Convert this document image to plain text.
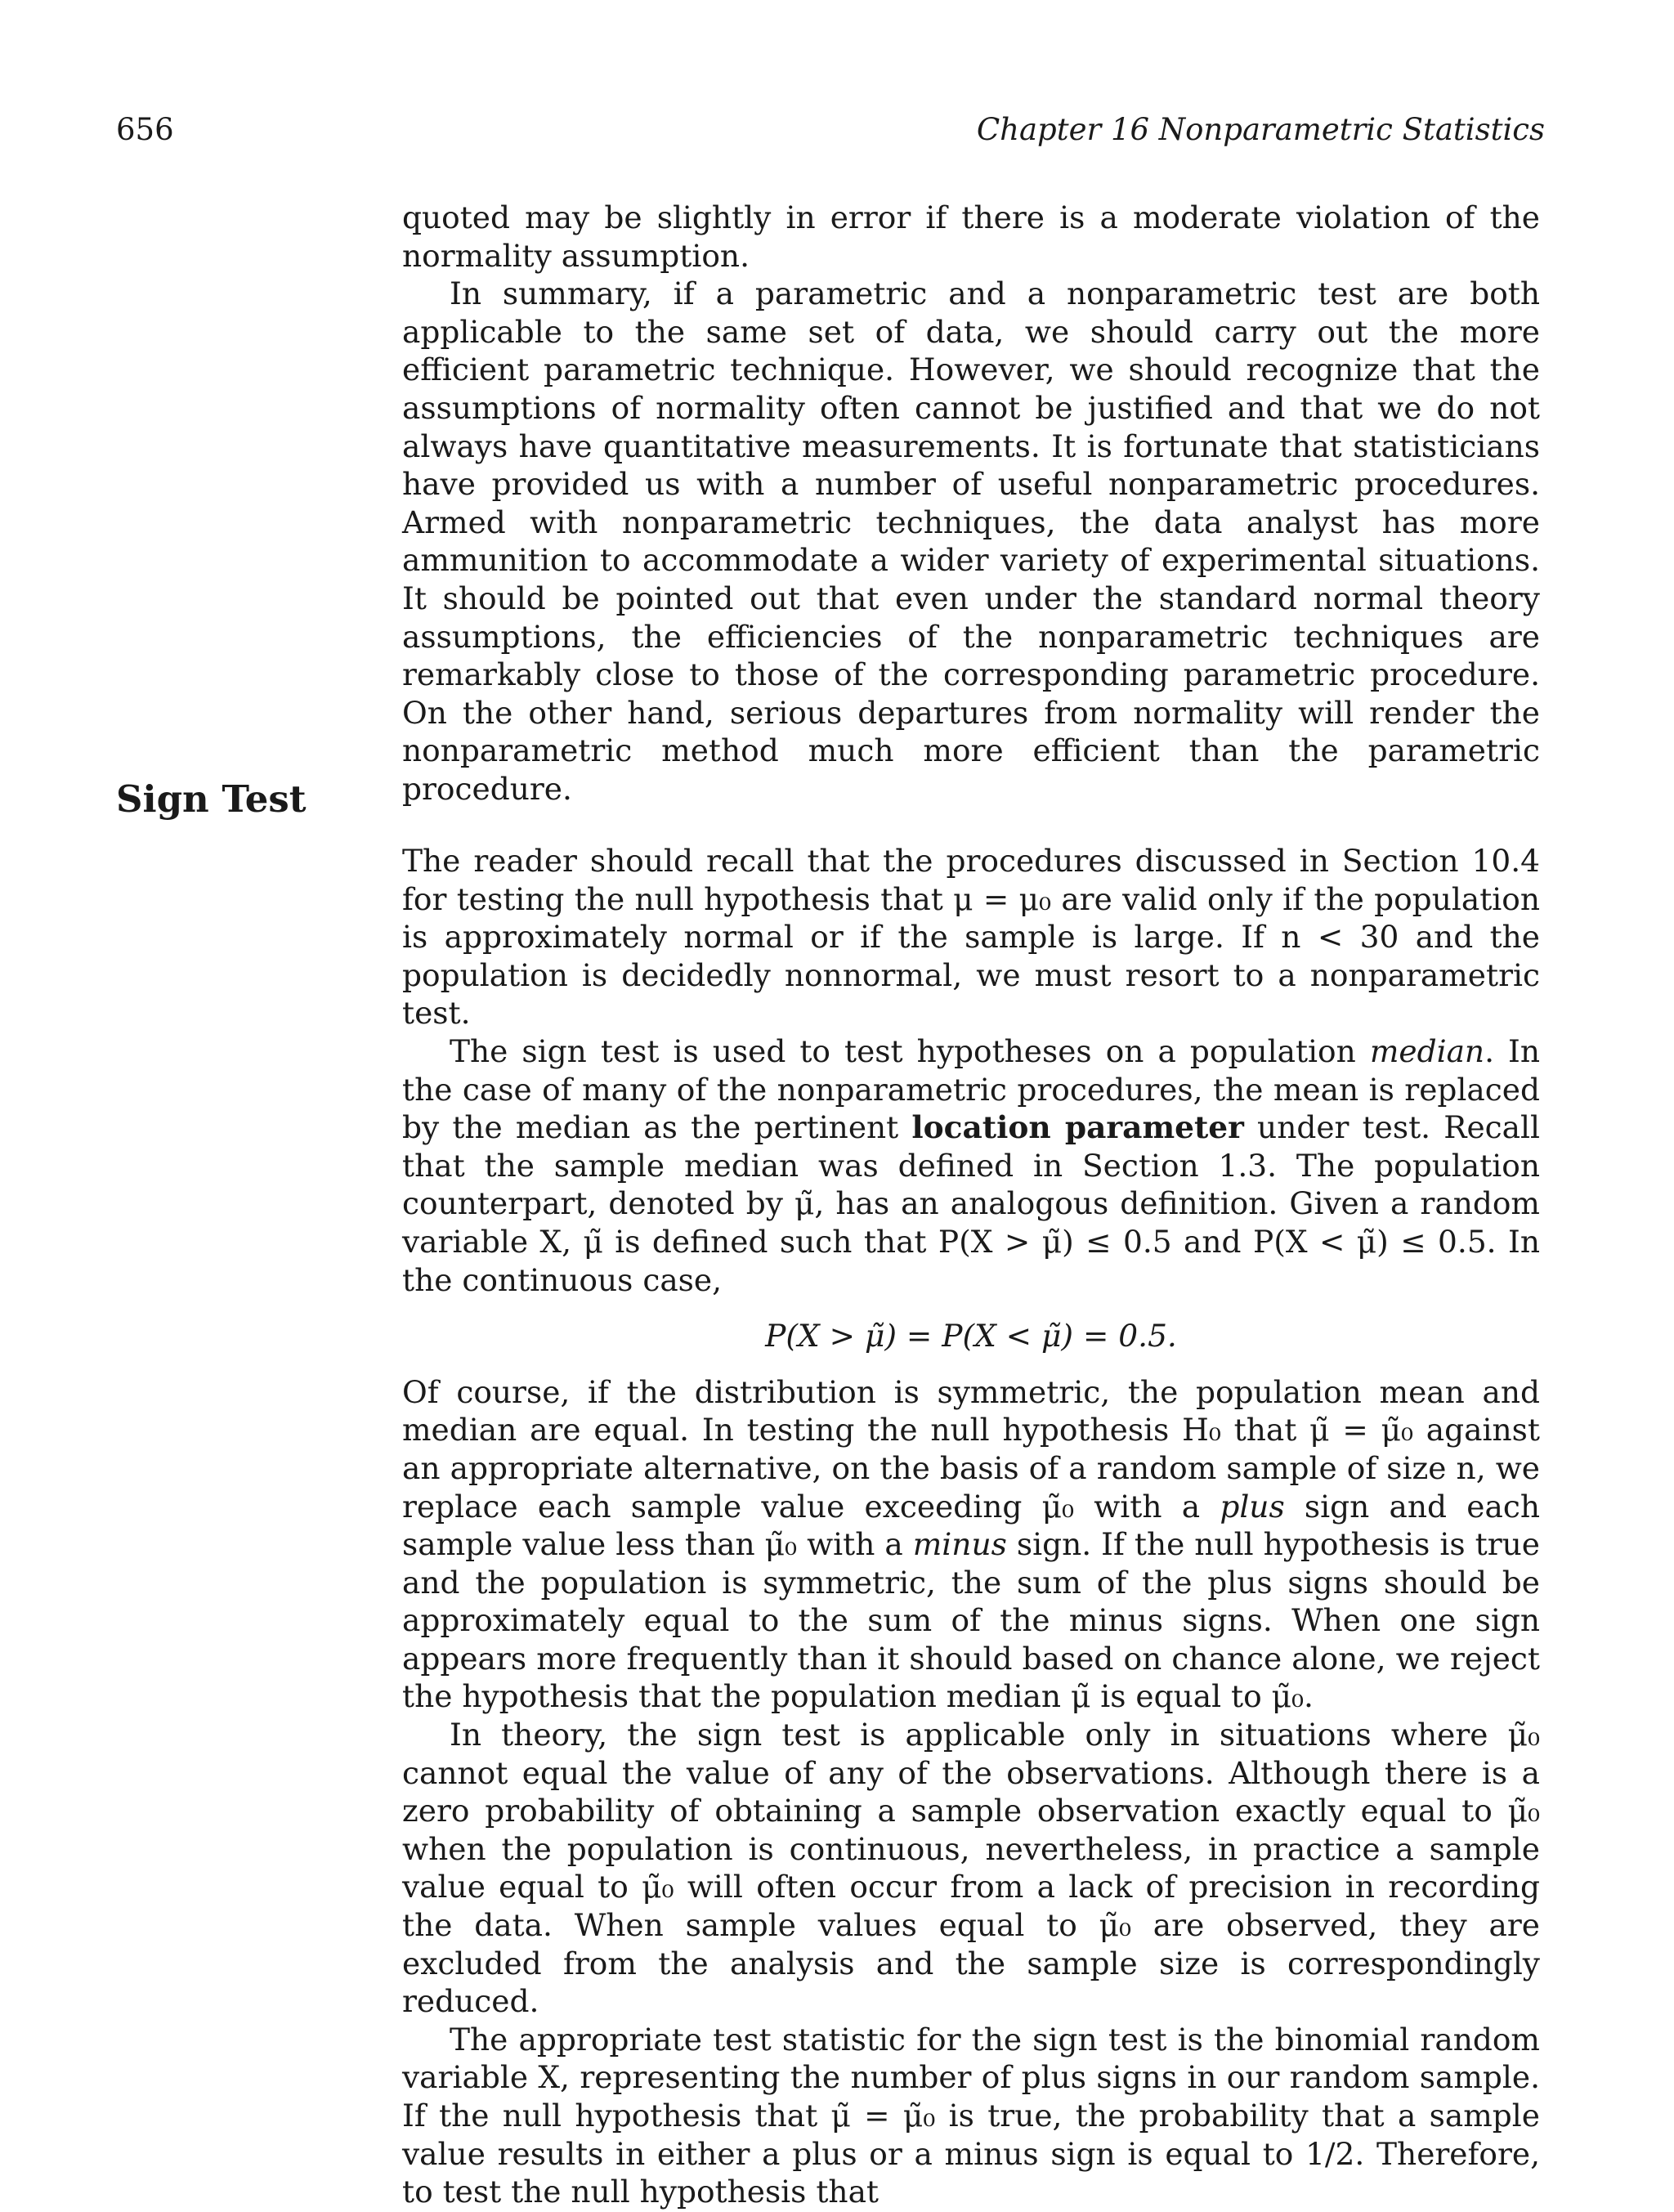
656	Chapter 16 Nonparametric Statistics

quoted may be slightly in error if there is a moderate violation of the normality assumption.

In summary, if a parametric and a nonparametric test are both applicable to the same set of data, we should carry out the more efficient parametric technique. However, we should recognize that the assumptions of normality often cannot be justified and that we do not always have quantitative measurements. It is fortunate that statisticians have provided us with a number of useful nonparametric procedures. Armed with nonparametric techniques, the data analyst has more ammunition to accommodate a wider variety of experimental situations. It should be pointed out that even under the standard normal theory assumptions, the efficiencies of the nonparametric techniques are remarkably close to those of the corresponding parametric procedure. On the other hand, serious departures from normality will render the nonparametric method much more efficient than the parametric procedure.

Sign Test

The reader should recall that the procedures discussed in Section 10.4 for testing the null hypothesis that μ = μ₀ are valid only if the population is approximately normal or if the sample is large. If n < 30 and the population is decidedly nonnormal, we must resort to a nonparametric test.

The sign test is used to test hypotheses on a population median. In the case of many of the nonparametric procedures, the mean is replaced by the median as the pertinent location parameter under test. Recall that the sample median was defined in Section 1.3. The population counterpart, denoted by μ̃, has an analogous definition. Given a random variable X, μ̃ is defined such that P(X > μ̃) ≤ 0.5 and P(X < μ̃) ≤ 0.5. In the continuous case,

P(X > μ̃) = P(X < μ̃) = 0.5.

Of course, if the distribution is symmetric, the population mean and median are equal. In testing the null hypothesis H₀ that μ̃ = μ̃₀ against an appropriate alternative, on the basis of a random sample of size n, we replace each sample value exceeding μ̃₀ with a plus sign and each sample value less than μ̃₀ with a minus sign. If the null hypothesis is true and the population is symmetric, the sum of the plus signs should be approximately equal to the sum of the minus signs. When one sign appears more frequently than it should based on chance alone, we reject the hypothesis that the population median μ̃ is equal to μ̃₀.

In theory, the sign test is applicable only in situations where μ̃₀ cannot equal the value of any of the observations. Although there is a zero probability of obtaining a sample observation exactly equal to μ̃₀ when the population is continuous, nevertheless, in practice a sample value equal to μ̃₀ will often occur from a lack of precision in recording the data. When sample values equal to μ̃₀ are observed, they are excluded from the analysis and the sample size is correspondingly reduced.

The appropriate test statistic for the sign test is the binomial random variable X, representing the number of plus signs in our random sample. If the null hypothesis that μ̃ = μ̃₀ is true, the probability that a sample value results in either a plus or a minus sign is equal to 1/2. Therefore, to test the null hypothesis that
